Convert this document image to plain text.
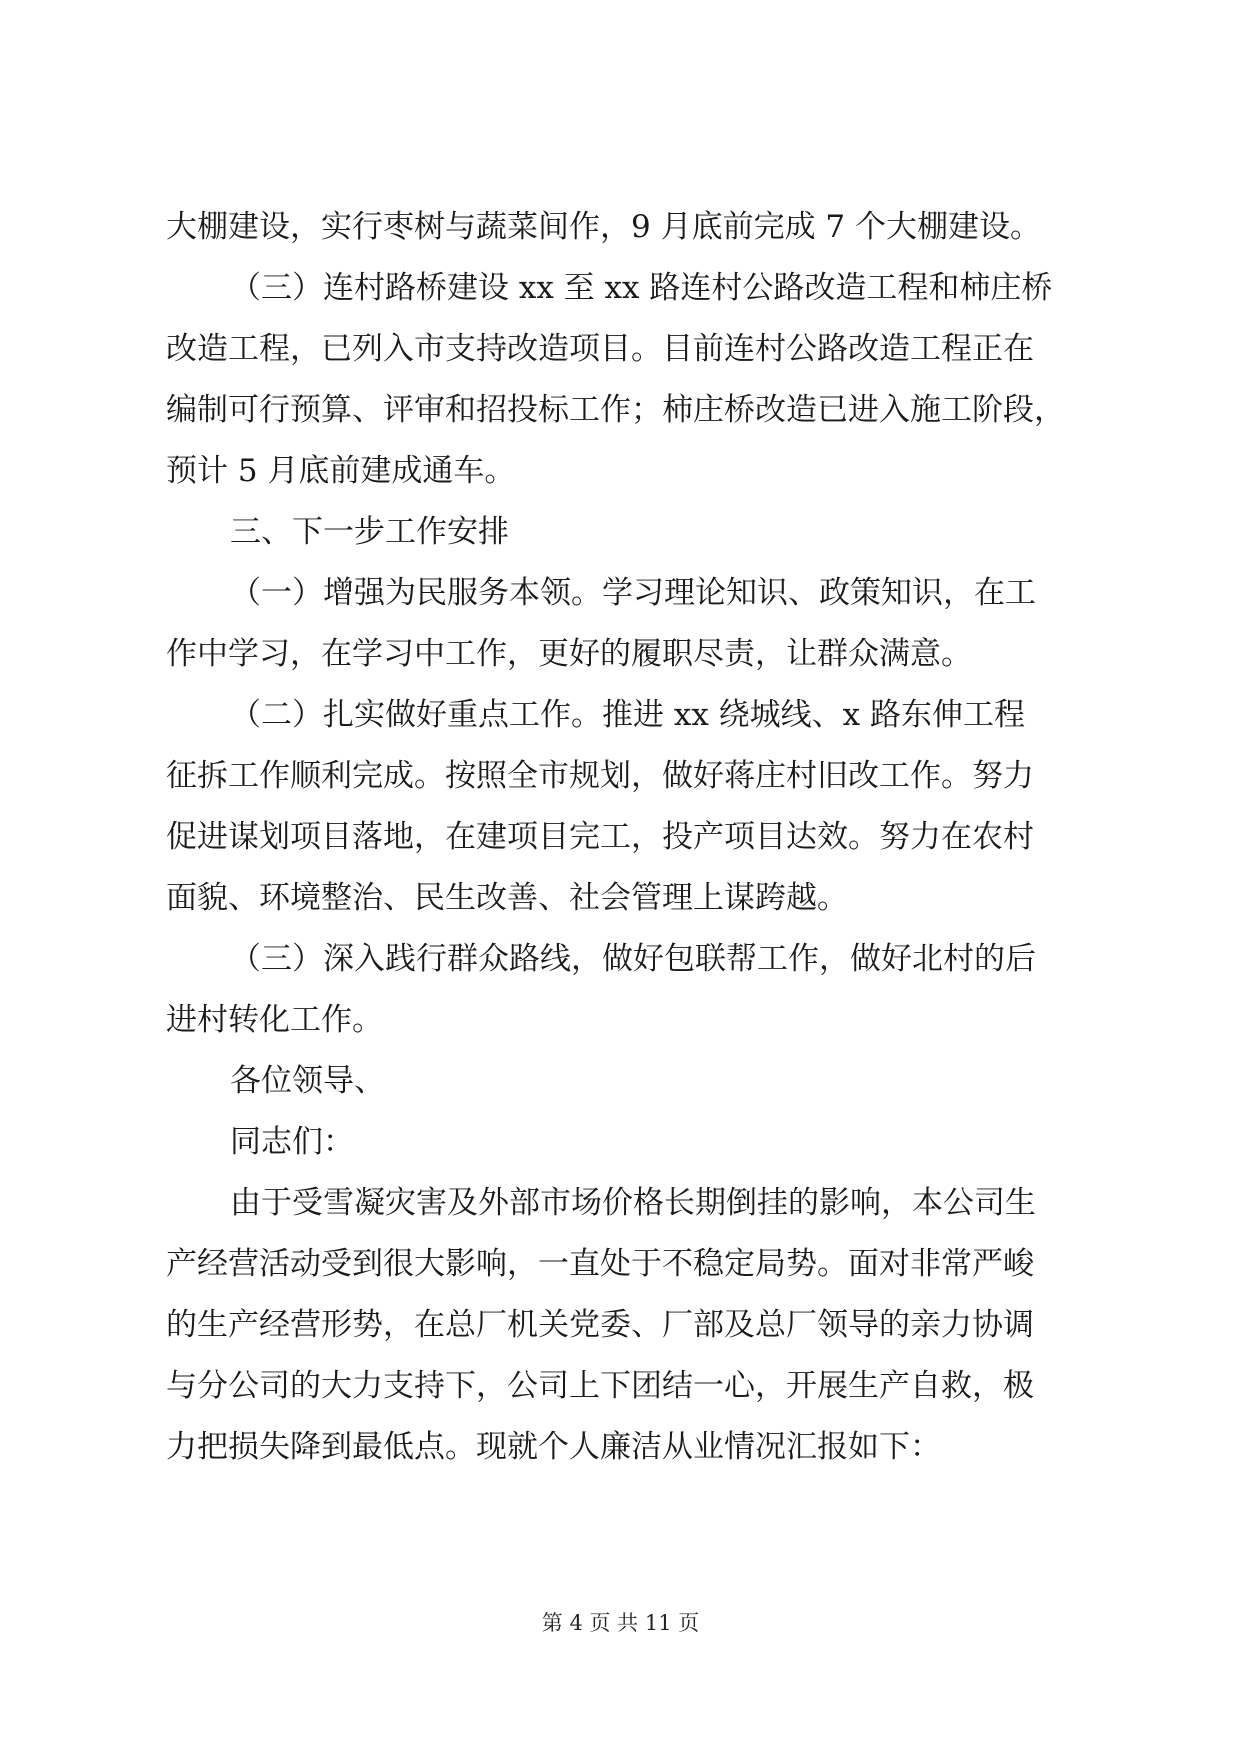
大棚建设，实行枣树与蔬菜间作，9 月底前完成 7 个大棚建设。
（三）连村路桥建设 xx 至 xx 路连村公路改造工程和柿庄桥
改造工程，已列入市支持改造项目。目前连村公路改造工程正在
编制可行预算、评审和招投标工作；柿庄桥改造已进入施工阶段，
预计 5 月底前建成通车。
三、下一步工作安排
（一）增强为民服务本领。学习理论知识、政策知识，在工
作中学习，在学习中工作，更好的履职尽责，让群众满意。
（二）扎实做好重点工作。推进 xx 绕城线、x 路东伸工程
征拆工作顺利完成。按照全市规划，做好蒋庄村旧改工作。努力
促进谋划项目落地，在建项目完工，投产项目达效。努力在农村
面貌、环境整治、民生改善、社会管理上谋跨越。
（三）深入践行群众路线，做好包联帮工作，做好北村的后
进村转化工作。
各位领导、
同志们：
由于受雪凝灾害及外部市场价格长期倒挂的影响，本公司生
产经营活动受到很大影响，一直处于不稳定局势。面对非常严峻
的生产经营形势，在总厂机关党委、厂部及总厂领导的亲力协调
与分公司的大力支持下，公司上下团结一心，开展生产自救，极
力把损失降到最低点。现就个人廉洁从业情况汇报如下：
第 4 页 共 11 页
